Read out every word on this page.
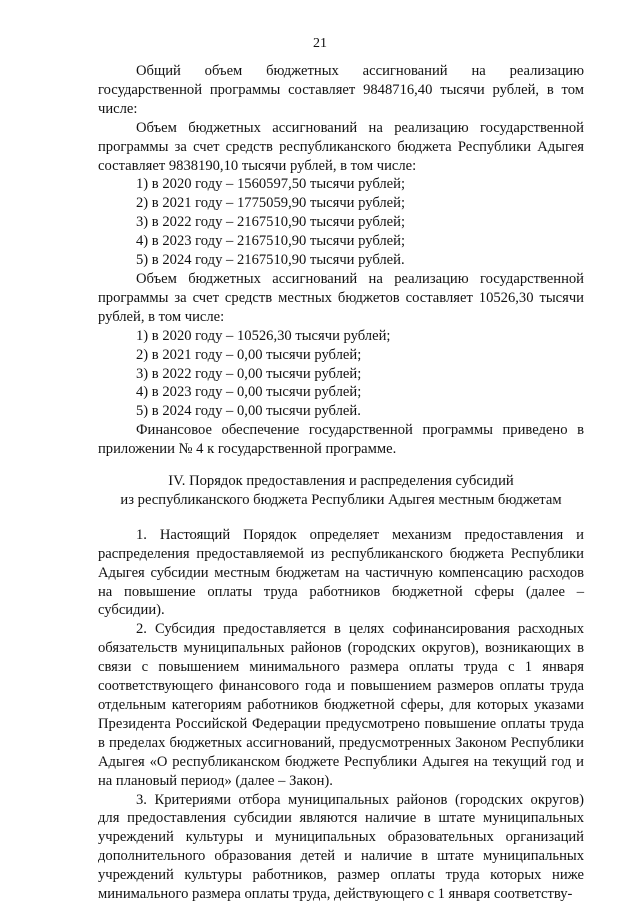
21

Общий объем бюджетных ассигнований на реализацию государственной программы составляет 9848716,40 тысячи рублей, в том числе:

Объем бюджетных ассигнований на реализацию государственной программы за счет средств республиканского бюджета Республики Адыгея составляет 9838190,10 тысячи рублей, в том числе:

1) в 2020 году – 1560597,50 тысячи рублей;

2) в 2021 году – 1775059,90 тысячи рублей;

3) в 2022 году – 2167510,90 тысячи рублей;

4) в 2023 году – 2167510,90 тысячи рублей;

5) в 2024 году – 2167510,90 тысячи рублей.

Объем бюджетных ассигнований на реализацию государственной программы за счет средств местных бюджетов составляет 10526,30 тысячи рублей, в том числе:

1) в 2020 году – 10526,30 тысячи рублей;

2) в 2021 году – 0,00 тысячи рублей;

3) в 2022 году – 0,00 тысячи рублей;

4) в 2023 году – 0,00 тысячи рублей;

5) в 2024 году – 0,00 тысячи рублей.

Финансовое обеспечение государственной программы приведено в приложении № 4 к государственной программе.

IV. Порядок предоставления и распределения субсидий

из республиканского бюджета Республики Адыгея местным бюджетам

1. Настоящий Порядок определяет механизм предоставления и распределения предоставляемой из республиканского бюджета Республики Адыгея субсидии местным бюджетам на частичную компенсацию расходов на повышение оплаты труда работников бюджетной сферы (далее – субсидии).

2. Субсидия предоставляется в целях софинансирования расходных обязательств муниципальных районов (городских округов), возникающих в связи с повышением минимального размера оплаты труда с 1 января соответствующего финансового года и повышением размеров оплаты труда отдельным категориям работников бюджетной сферы, для которых указами Президента Российской Федерации предусмотрено повышение оплаты труда в пределах бюджетных ассигнований, предусмотренных Законом Республики Адыгея «О республиканском бюджете Республики Адыгея на текущий год и на плановый период» (далее – Закон).

3. Критериями отбора муниципальных районов (городских округов) для предоставления субсидии являются наличие в штате муниципальных учреждений культуры и муниципальных образовательных организаций дополнительного образования детей и наличие в штате муниципальных учреждений культуры работников, размер оплаты труда которых ниже минимального размера оплаты труда, действующего с 1 января соответству-
